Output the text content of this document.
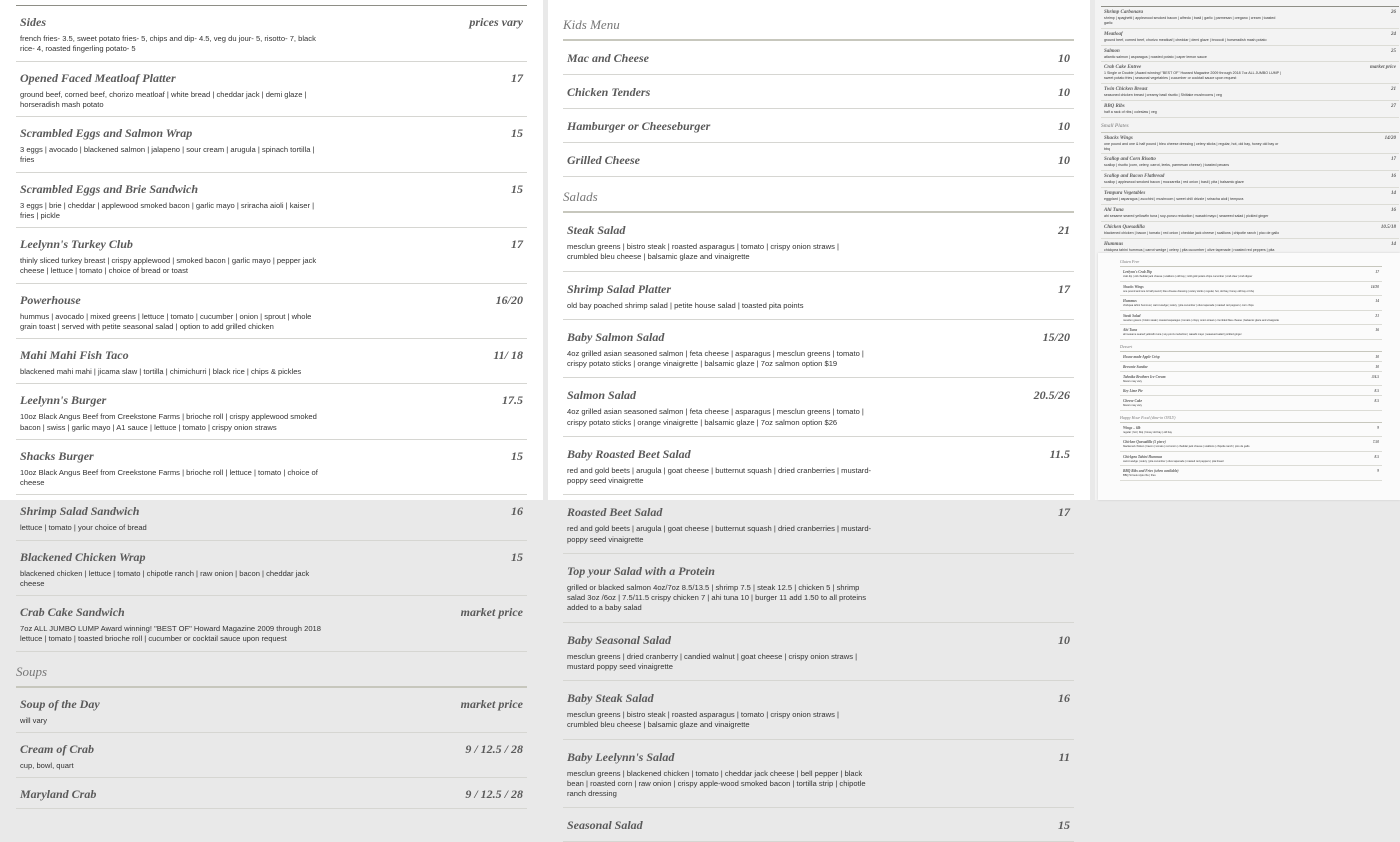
Sides	prices vary
french fries- 3.5, sweet potato fries- 5, chips and dip- 4.5, veg du jour- 5, risotto- 7, black rice- 4, roasted fingerling potato- 5
Opened Faced Meatloaf Platter	17
ground beef, corned beef, chorizo meatloaf | white bread | cheddar jack | demi glaze | horseradish mash potato
Scrambled Eggs and Salmon Wrap	15
3 eggs | avocado | blackened salmon | jalapeno | sour cream | arugula | spinach tortilla | fries
Scrambled Eggs and Brie Sandwich	15
3 eggs | brie | cheddar | applewood smoked bacon | garlic mayo | sriracha aioli | kaiser | fries | pickle
Leelynn's Turkey Club	17
thinly sliced turkey breast | crispy applewood | smoked bacon | garlic mayo | pepper jack cheese | lettuce | tomato | choice of bread or toast
Powerhouse	16/20
hummus | avocado | mixed greens | lettuce | tomato | cucumber | onion | sprout | whole grain toast | served with petite seasonal salad | option to add grilled chicken
Mahi Mahi Fish Taco	11/ 18
blackened mahi mahi | jicama slaw | tortilla | chimichurri | black rice | chips & pickles
Leelynn's Burger	17.5
10oz Black Angus Beef from Creekstone Farms | brioche roll | crispy applewood smoked bacon | swiss | garlic mayo | A1 sauce | lettuce | tomato | crispy onion straws
Shacks Burger	15
10oz Black Angus Beef from Creekstone Farms | brioche roll | lettuce | tomato | choice of cheese
Shrimp Salad Sandwich	16
lettuce | tomato | your choice of bread
Blackened Chicken Wrap	15
blackened chicken | lettuce | tomato | chipotle ranch | raw onion | bacon | cheddar jack cheese
Crab Cake Sandwich	market price
7oz ALL JUMBO LUMP Award winning! "BEST OF" Howard Magazine 2009 through 2018 lettuce | tomato | toasted brioche roll | cucumber or cocktail sauce upon request
Soups
Soup of the Day	market price
will vary
Cream of Crab	9 / 12.5 / 28
cup, bowl, quart
Maryland Crab	9 / 12.5 / 28
Kids Menu
Mac and Cheese	10
Chicken Tenders	10
Hamburger or Cheeseburger	10
Grilled Cheese	10
Salads
Steak Salad	21
mesclun greens | bistro steak | roasted asparagus | tomato | crispy onion straws | crumbled bleu cheese | balsamic glaze and vinaigrette
Shrimp Salad Platter	17
old bay poached shrimp salad | petite house salad | toasted pita points
Baby Salmon Salad	15/20
4oz grilled asian seasoned salmon | feta cheese | asparagus | mesclun greens | tomato | crispy potato sticks | orange vinaigrette | balsamic glaze | 7oz salmon option $19
Salmon Salad	20.5/26
4oz grilled asian seasoned salmon | feta cheese | asparagus | mesclun greens | tomato | crispy potato sticks | orange vinaigrette | balsamic glaze | 7oz salmon option $26
Baby Roasted Beet Salad	11.5
red and gold beets | arugula | goat cheese | butternut squash | dried cranberries | mustard-poppy seed vinaigrette
Roasted Beet Salad	17
red and gold beets | arugula | goat cheese | butternut squash | dried cranberries | mustard-poppy seed vinaigrette
Top your Salad with a Protein
grilled or blacked salmon 4oz/7oz 8.5/13.5 | shrimp 7.5 | steak 12.5 | chicken 5 | shrimp salad 3oz /6oz | 7.5/11.5 crispy chicken 7 | ahi tuna 10 | burger 11 add 1.50 to all proteins added to a baby salad
Baby Seasonal Salad	10
mesclun greens | dried cranberry | candied walnut | goat cheese | crispy onion straws | mustard poppy seed vinaigrette
Baby Steak Salad	16
mesclun greens | bistro steak | roasted asparagus | tomato | crispy onion straws | crumbled bleu cheese | balsamic glaze and vinaigrette
Baby Leelynn's Salad	11
mesclun greens | blackened chicken | tomato | cheddar jack cheese | bell pepper | black bean | roasted corn | raw onion | crispy apple-wood smoked bacon | tortilla strip | chipotle ranch dressing
Seasonal Salad	15
Shrimp Carbonara	26
shrimp | spaghetti | applewood smoked bacon | alfredo | basil | garlic | parmesan | oregano | cream | toasted garlic
Meatloaf	24
ground beef, corned beef, chorizo meatloaf | cheddar | demi glaze | broccoli | horseradish mash potato
Salmon	25
atlantic salmon | asparagus | roasted potato | caper lemon sauce
Crab Cake Entree	market price
1 Single or Double | Award winning! "BEST OF" Howard Magazine 2009 through 2018 7oz ALL JUMBO LUMP | sweet potato fries | seasonal vegetables | cucumber or cocktail sauce upon request
Twin Chicken Breast	21
seasoned chicken breast | creamy basil risotto | Shiitake mushrooms | veg
BBQ Ribs	27
half a rack of ribs | coleslaw | veg
Small Plates
Shacks Wings	14/20
one pound and one & half pound | bleu cheese dressing | celery sticks | regular, hot, old bay, honey old bay or bbq
Scallop and Corn Risotto	17
scallop | risotto (corn, celery, carrot, leeks, parmesan cheese) | toasted pecans
Scallop and Bacon Flatbread	16
scallop | applewood smoked bacon | mozzarella | red onion | basil | pita | balsamic glaze
Tempura Vegetables	14
eggplant | asparagus | zucchini | mushroom | sweet chili drizzle | sriracha aioli | tempura
Ahi Tuna	16
ahi sesame seared yellowfin tuna | soy-ponzu reduction | wasabi mayo | seaweed salad | pickled ginger
Chicken Quesadilla	10.5/18
blackened chicken | bacon | tomato | red onion | cheddar jack cheese | scallions | chipotle ranch | pico de gallo
Hummus	14
chickpea tahini hummus | carrot wedge | celery | pita cucumber | olive tapenade | roasted red peppers | pita
Gluten Free
Leelynn's Crab Dip	17
crab dip | old cheddar jack cheese | scallions | old bay | mild gold potato chips cucumber | crab claw | crab dipper
Shacks Wings	14/20
one pound and one & half pound | bleu cheese dressing | celery sticks | regular, hot, old bay, honey old bay or bbq
Hummus	14
chickpea tahini hummus | carrot wedge | celery | pita cucumber | olive tapenade | roasted red peppers | corn chips
Steak Salad	21
mesclun greens | bistro steak | roasted asparagus | tomato | crispy onion straws | crumbled bleu cheese | balsamic glaze and vinaigrette
Ahi Tuna	16
ahi sesame seared yellowfin tuna | soy-ponzu reduction | wasabi mayo | seaweed salad | pickled ginger
Dessert
House made Apple Crisp	10
Brownie Sundae	10
Tahnika Brothers Ice Cream	3/4.5
flavors may vary
Key Lime Pie	8.5
Cheese Cake	8.5
flavors may vary
Happy Hour Food (dine-in ONLY)
Wings – 6lb	9
regular | hot | bbq | honey old bay | old bay
Chicken Quesadilla (5 piece)	7.50
blackened chicken | bacon | tomato | red onion | cheddar jack cheese | scallions | chipotle ranch | pico de gallo
Chickpea Tahini Hummus	8.5
carrot wedge | celery | pita cucumber | olive tapenade | roasted red peppers | pita bread
BBQ Ribs and Fries (when available)	9
BBQ St louis style ribs | fries
